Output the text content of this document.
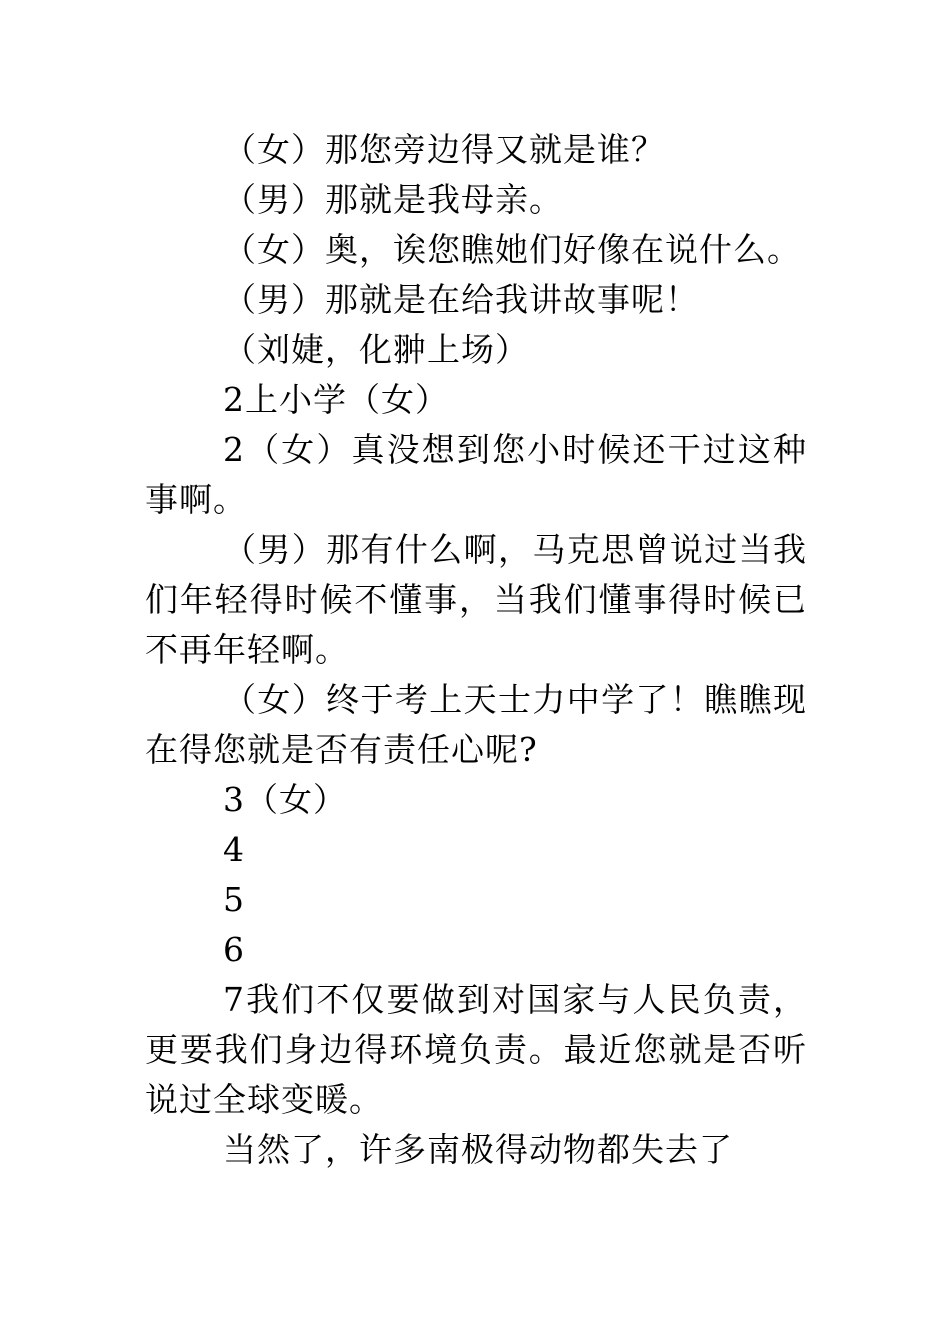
（女）那您旁边得又就是谁？

（男）那就是我母亲。

（女）奥，诶您瞧她们好像在说什么。

（男）那就是在给我讲故事呢！

（刘婕，化翀上场）

2上小学（女）

2（女）真没想到您小时候还干过这种事啊。

（男）那有什么啊，马克思曾说过当我们年轻得时候不懂事，当我们懂事得时候已不再年轻啊。

（女）终于考上天士力中学了！瞧瞧现在得您就是否有责任心呢?

3（女）

4

5

6

7我们不仅要做到对国家与人民负责，更要我们身边得环境负责。最近您就是否听说过全球变暖。

当然了，许多南极得动物都失去了
